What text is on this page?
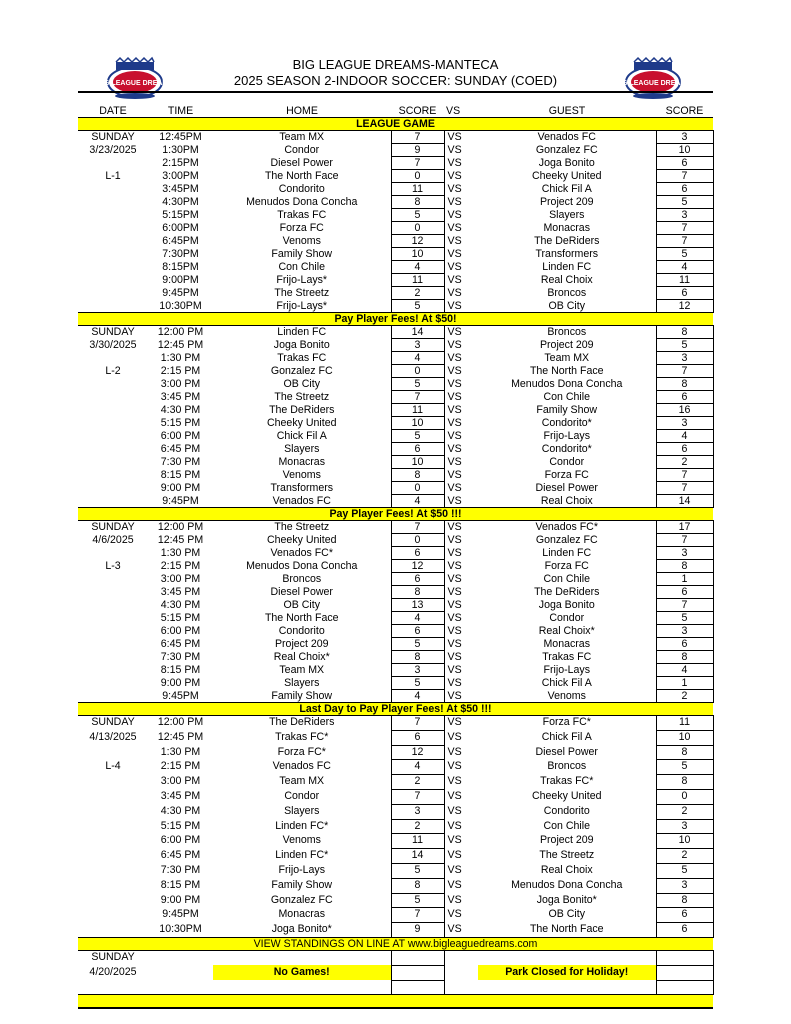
BIG LEAGUE DREAMS-MANTECA
2025 SEASON 2-INDOOR SOCCER: SUNDAY (COED)
BIG LEAGUE DREAMS	BIG LEAGUE DREAMS

DATE	TIME	HOME	SCORE	VS	GUEST	SCORE
LEAGUE GAME						
SUNDAY	12:45PM	Team MX	7	VS	Venados FC	3
3/23/2025	1:30PM	Condor	9	VS	Gonzalez FC	10
	2:15PM	Diesel Power	7	VS	Joga Bonito	6
L-1	3:00PM	The North Face	0	VS	Cheeky United	7
	3:45PM	Condorito	11	VS	Chick Fil A	6
	4:30PM	Menudos Dona Concha	8	VS	Project 209	5
	5:15PM	Trakas FC	5	VS	Slayers	3
	6:00PM	Forza FC	0	VS	Monacras	7
	6:45PM	Venoms	12	VS	The DeRiders	7
	7:30PM	Family Show	10	VS	Transformers	5
	8:15PM	Con Chile	4	VS	Linden FC	4
	9:00PM	Frijo-Lays*	11	VS	Real Choix	11
	9:45PM	The Streetz	2	VS	Broncos	6
	10:30PM	Frijo-Lays*	5	VS	OB City	12
Pay Player Fees! At $50!						
SUNDAY	12:00 PM	Linden FC	14	VS	Broncos	8
3/30/2025	12:45 PM	Joga Bonito	3	VS	Project 209	5
	1:30 PM	Trakas FC	4	VS	Team MX	3
L-2	2:15 PM	Gonzalez FC	0	VS	The North Face	7
	3:00 PM	OB City	5	VS	Menudos Dona Concha	8
	3:45 PM	The Streetz	7	VS	Con Chile	6
	4:30 PM	The DeRiders	11	VS	Family Show	16
	5:15 PM	Cheeky United	10	VS	Condorito*	3
	6:00 PM	Chick Fil A	5	VS	Frijo-Lays	4
	6:45 PM	Slayers	6	VS	Condorito*	6
	7:30 PM	Monacras	10	VS	Condor	2
	8:15 PM	Venoms	8	VS	Forza FC	7
	9:00 PM	Transformers	0	VS	Diesel Power	7
	9:45PM	Venados FC	4	VS	Real Choix	14
Pay Player Fees! At $50 !!!						
SUNDAY	12:00 PM	The Streetz	7	VS	Venados FC*	17
4/6/2025	12:45 PM	Cheeky United	0	VS	Gonzalez FC	7
	1:30 PM	Venados FC*	6	VS	Linden FC	3
L-3	2:15 PM	Menudos Dona Concha	12	VS	Forza FC	8
	3:00 PM	Broncos	6	VS	Con Chile	1
	3:45 PM	Diesel Power	8	VS	The DeRiders	6
	4:30 PM	OB City	13	VS	Joga Bonito	7
	5:15 PM	The North Face	4	VS	Condor	5
	6:00 PM	Condorito	6	VS	Real Choix*	3
	6:45 PM	Project 209	5	VS	Monacras	6
	7:30 PM	Real Choix*	8	VS	Trakas FC	8
	8:15 PM	Team MX	3	VS	Frijo-Lays	4
	9:00 PM	Slayers	5	VS	Chick Fil A	1
	9:45PM	Family Show	4	VS	Venoms	2
Last Day to Pay Player Fees! At $50 !!!						
SUNDAY	12:00 PM	The DeRiders	7	VS	Forza FC*	11
4/13/2025	12:45 PM	Trakas FC*	6	VS	Chick Fil A	10
	1:30 PM	Forza FC*	12	VS	Diesel Power	8
L-4	2:15 PM	Venados FC	4	VS	Broncos	5
	3:00 PM	Team MX	2	VS	Trakas FC*	8
	3:45 PM	Condor	7	VS	Cheeky United	0
	4:30 PM	Slayers	3	VS	Condorito	2
	5:15 PM	Linden FC*	2	VS	Con Chile	3
	6:00 PM	Venoms	11	VS	Project 209	10
	6:45 PM	Linden FC*	14	VS	The Streetz	2
	7:30 PM	Frijo-Lays	5	VS	Real Choix	5
	8:15 PM	Family Show	8	VS	Menudos Dona Concha	3
	9:00 PM	Gonzalez FC	5	VS	Joga Bonito*	8
	9:45PM	Monacras	7	VS	OB City	6
	10:30PM	Joga Bonito*	9	VS	The North Face	6
VIEW STANDINGS ON LINE AT www.bigleaguedreams.com						
SUNDAY						
4/20/2025		No Games!			Park Closed for Holiday!	
